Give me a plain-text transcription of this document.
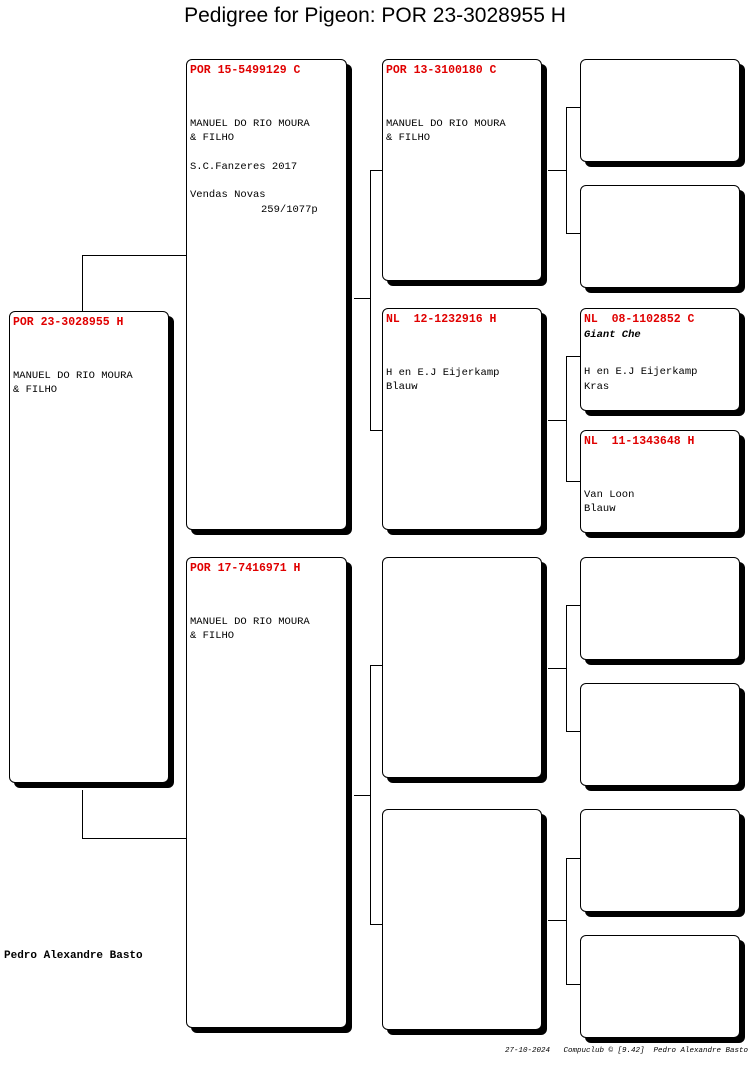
Pedigree for Pigeon: POR 23-3028955 H
POR 23-3028955 H
MANUEL DO RIO MOURA
& FILHO
POR 15-5499129 C
MANUEL DO RIO MOURA
& FILHO
S.C.Fanzeres 2017
Vendas Novas
259/1077p
POR 17-7416971 H
MANUEL DO RIO MOURA
& FILHO
POR 13-3100180 C
MANUEL DO RIO MOURA
& FILHO
NL  12-1232916 H
H en E.J Eijerkamp
Blauw
NL  08-1102852 C
Giant Che
H en E.J Eijerkamp
Kras
NL  11-1343648 H
Van Loon
Blauw
Pedro Alexandre Basto
27-10-2024   Compuclub © [9.42]  Pedro Alexandre Basto
